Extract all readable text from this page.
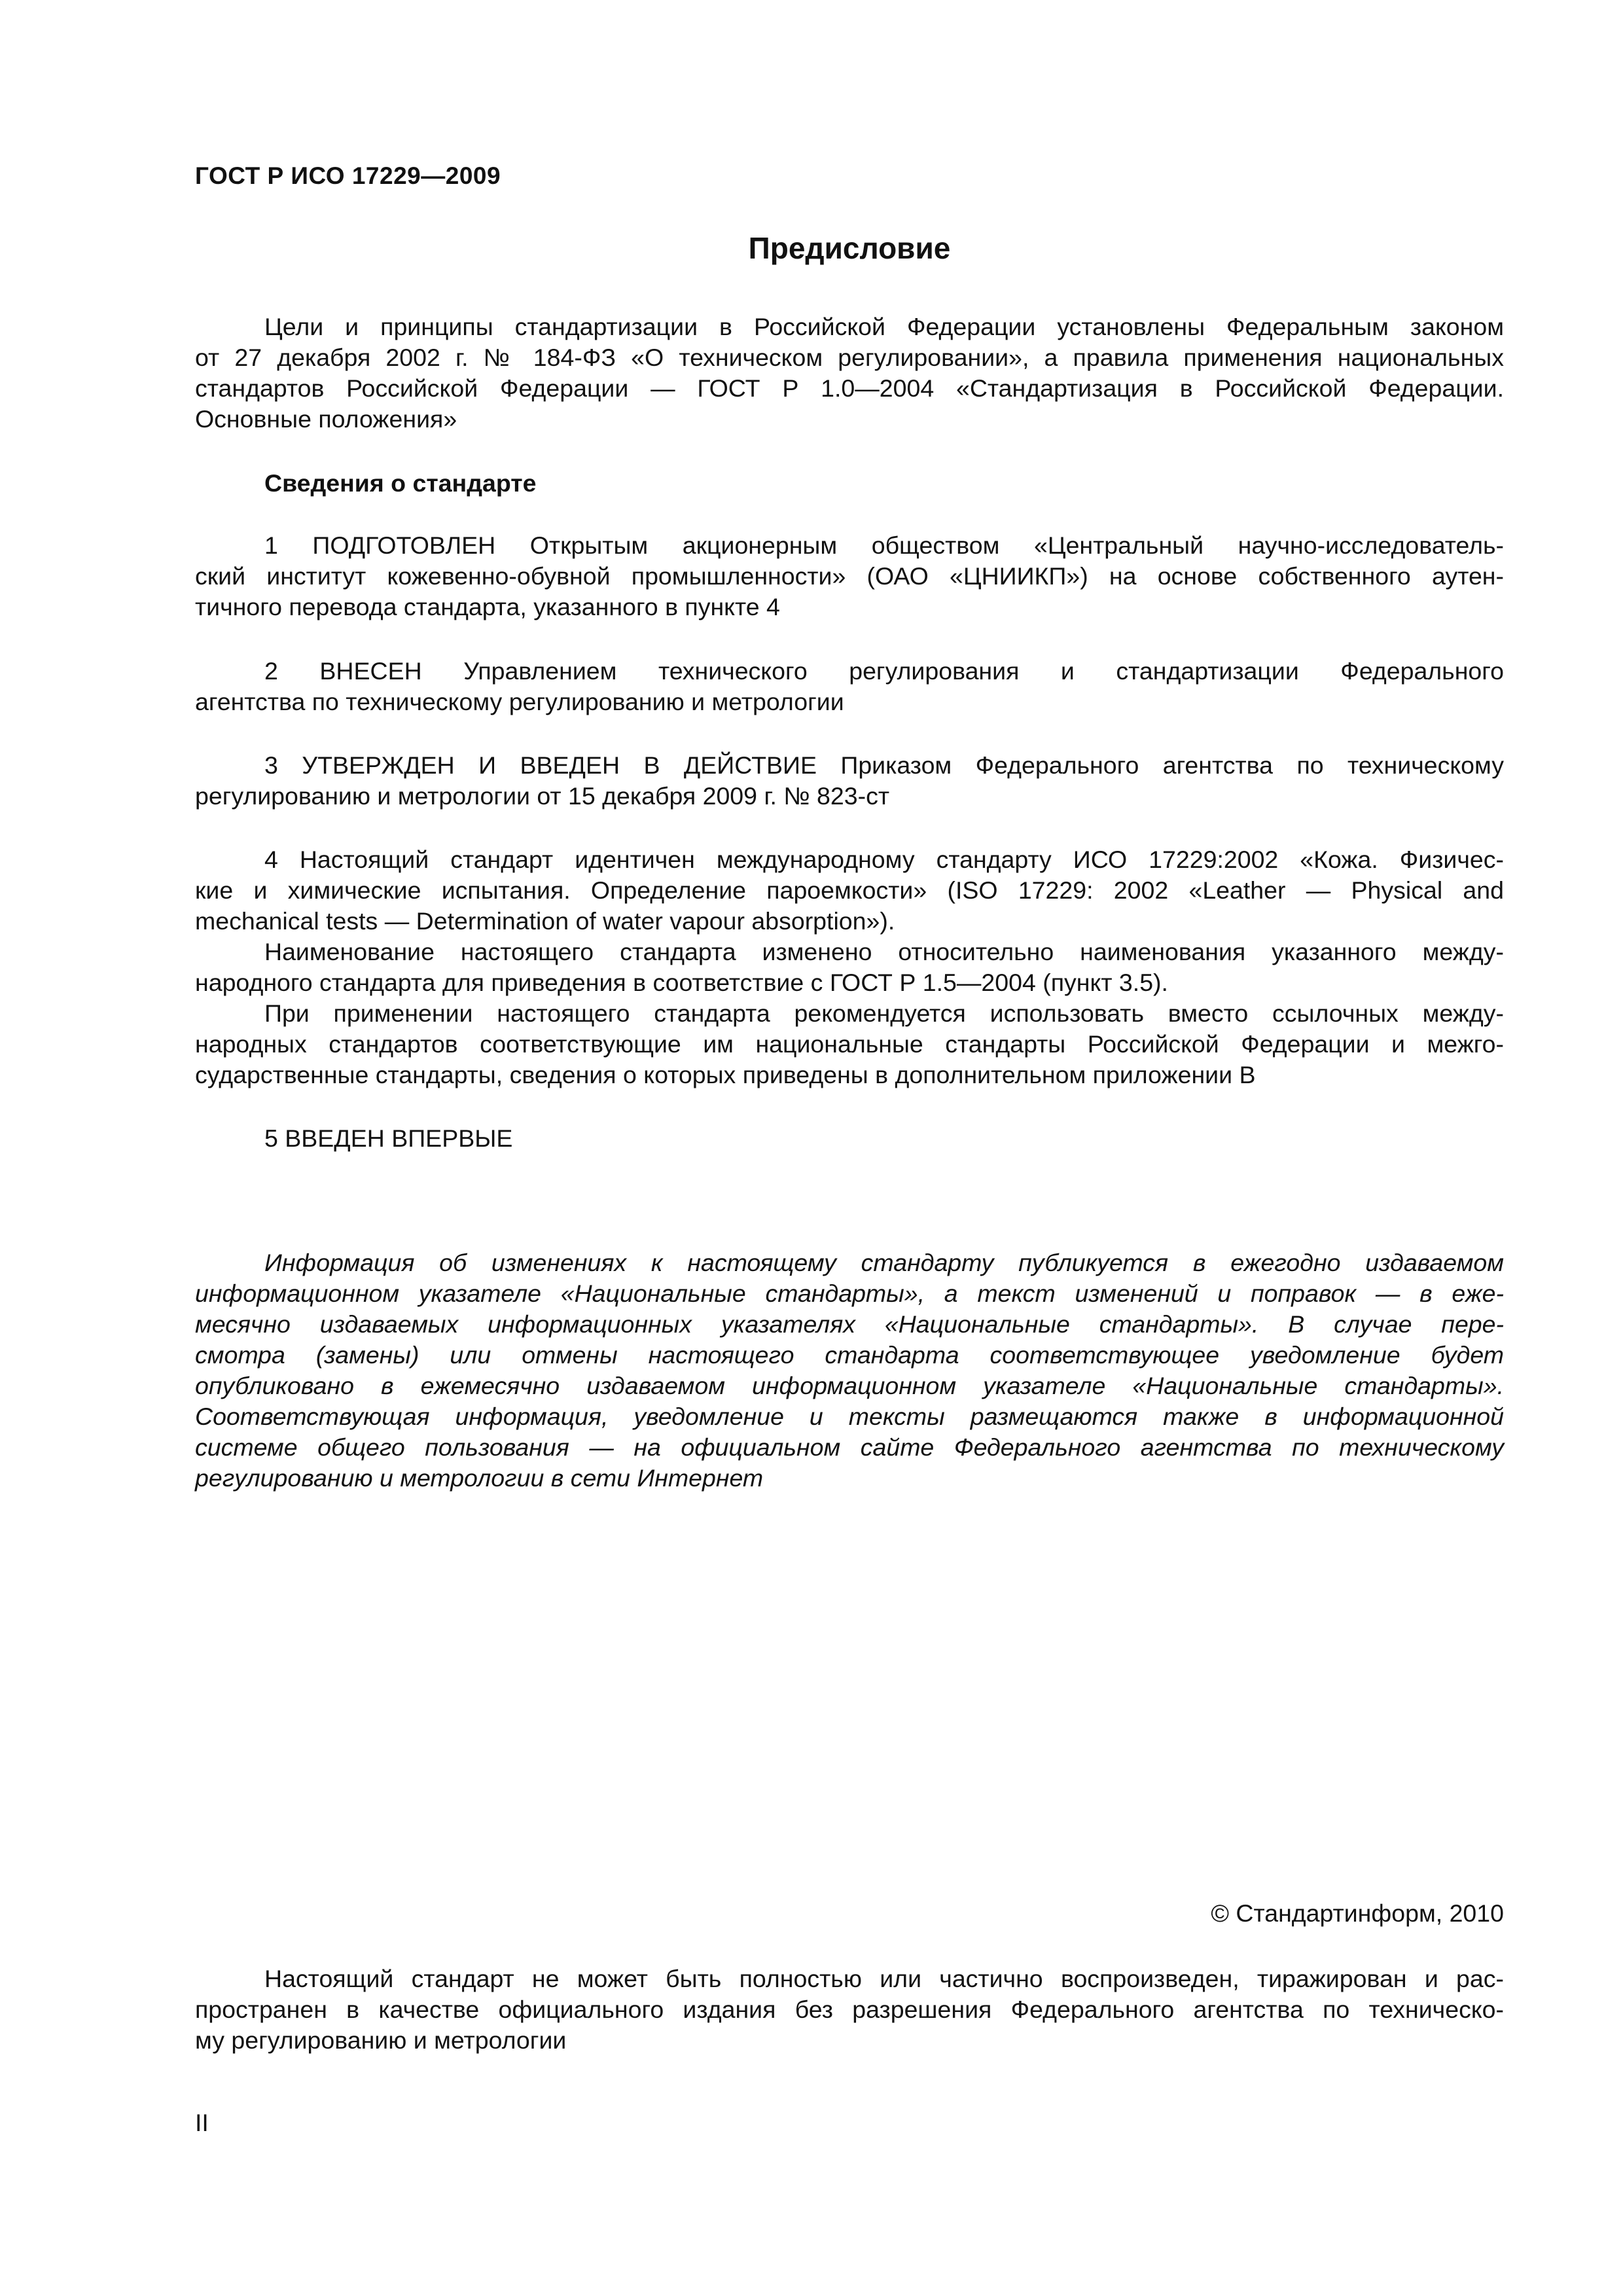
ГОСТ Р ИСО 17229—2009
Предисловие
Цели и принципы стандартизации в Российской Федерации установлены Федеральным законом
от 27 декабря 2002 г. № 184-ФЗ «О техническом регулировании», а правила применения национальных
стандартов Российской Федерации — ГОСТ Р 1.0—2004 «Стандартизация в Российской Федерации.
Основные положения»
Сведения о стандарте
1 ПОДГОТОВЛЕН Открытым акционерным обществом «Центральный научно-исследователь-
ский институт кожевенно-обувной промышленности» (ОАО «ЦНИИКП») на основе собственного аутен-
тичного перевода стандарта, указанного в пункте 4
2 ВНЕСЕН Управлением технического регулирования и стандартизации Федерального
агентства по техническому регулированию и метрологии
3 УТВЕРЖДЕН И ВВЕДЕН В ДЕЙСТВИЕ Приказом Федерального агентства по техническому
регулированию и метрологии от 15 декабря 2009 г. № 823-ст
4 Настоящий стандарт идентичен международному стандарту ИСО 17229:2002 «Кожа. Физичес-
кие и химические испытания. Определение пароемкости» (ISO 17229: 2002 «Leather — Physical and
mechanical tests — Determination of water vapour absorption»).
Наименование настоящего стандарта изменено относительно наименования указанного между-
народного стандарта для приведения в соответствие с ГОСТ Р 1.5—2004 (пункт 3.5).
При применении настоящего стандарта рекомендуется использовать вместо ссылочных между-
народных стандартов соответствующие им национальные стандарты Российской Федерации и межго-
сударственные стандарты, сведения о которых приведены в дополнительном приложении В
5 ВВЕДЕН ВПЕРВЫЕ
Информация об изменениях к настоящему стандарту публикуется в ежегодно издаваемом
информационном указателе «Национальные стандарты», а текст изменений и поправок — в еже-
месячно издаваемых информационных указателях «Национальные стандарты». В случае пере-
смотра (замены) или отмены настоящего стандарта соответствующее уведомление будет
опубликовано в ежемесячно издаваемом информационном указателе «Национальные стандарты».
Соответствующая информация, уведомление и тексты размещаются также в информационной
системе общего пользования — на официальном сайте Федерального агентства по техническому
регулированию и метрологии в сети Интернет
© Стандартинформ, 2010
Настоящий стандарт не может быть полностью или частично воспроизведен, тиражирован и рас-
пространен в качестве официального издания без разрешения Федерального агентства по техническо-
му регулированию и метрологии
II
